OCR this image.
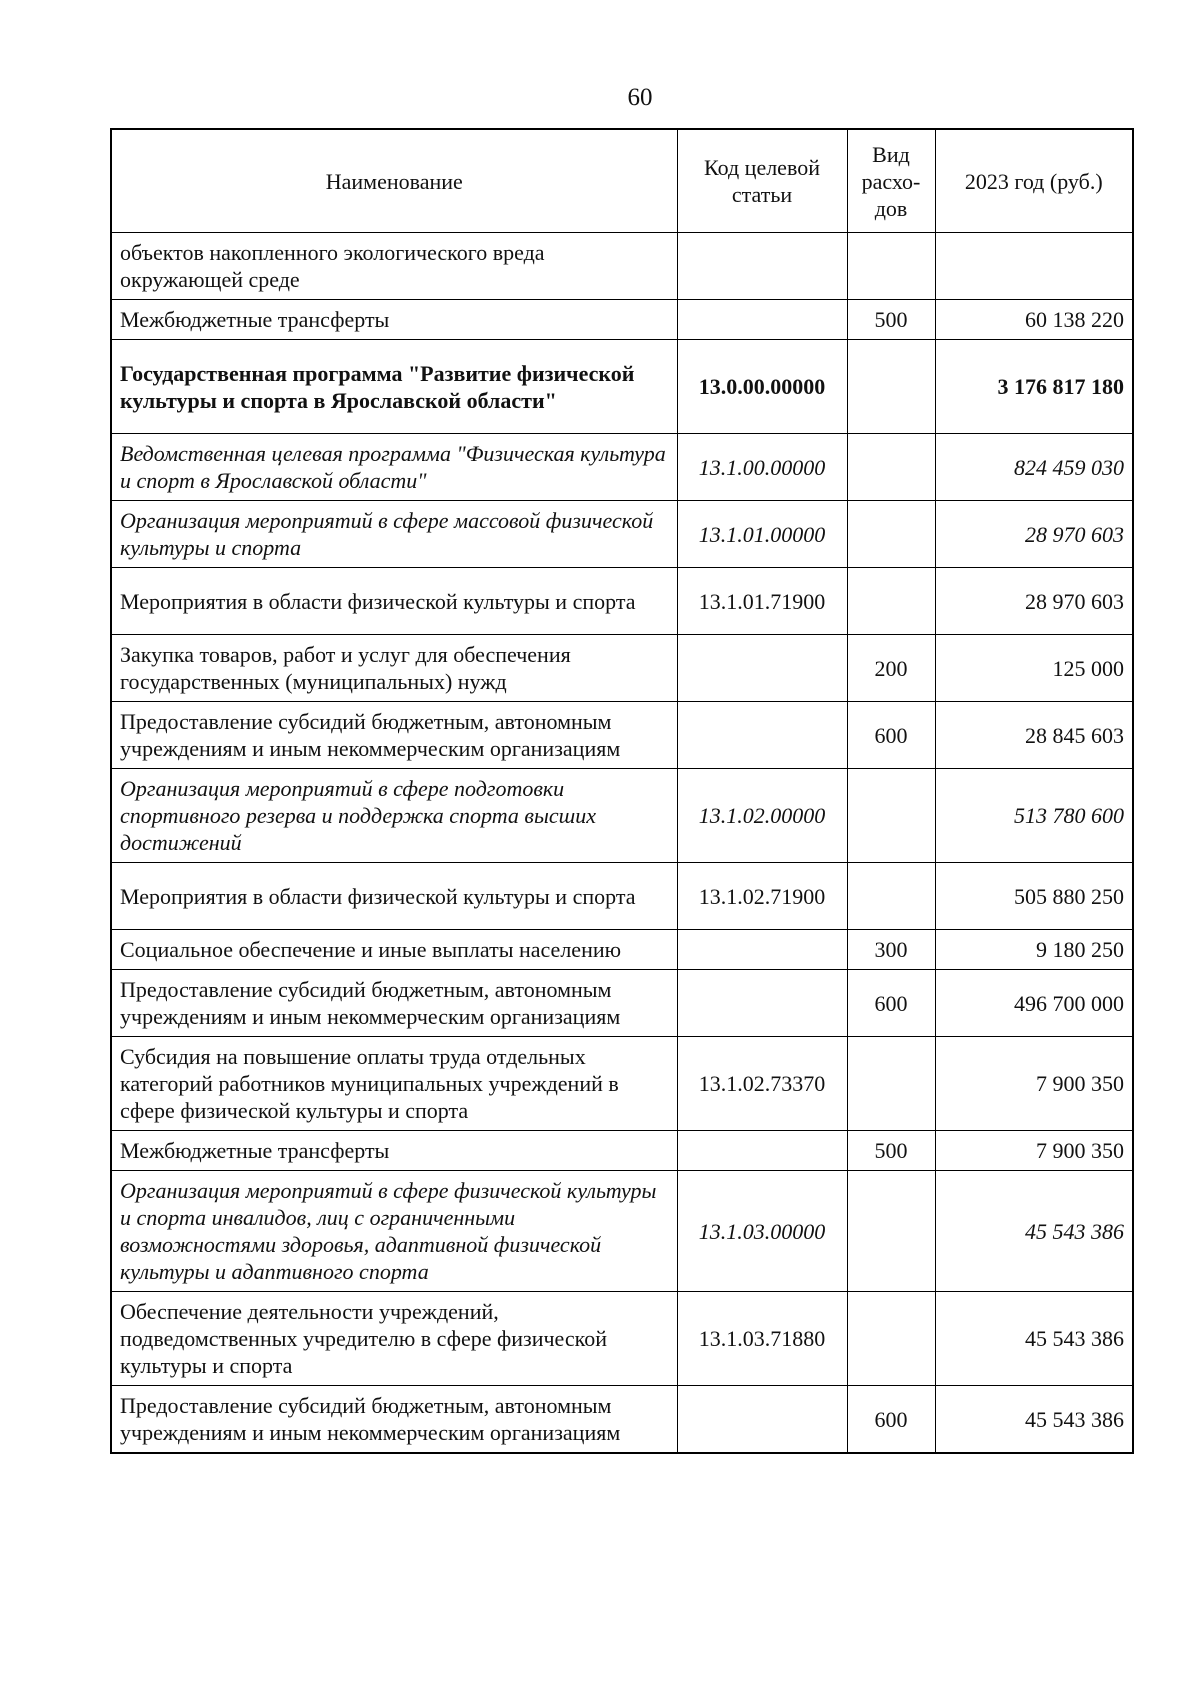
60
Наименование	Код целевой статьи	Вид расхо-дов	2023 год (руб.)
объектов накопленного экологического вреда окружающей среде			
Межбюджетные трансферты		500	60 138 220
Государственная программа "Развитие физической культуры и спорта в Ярославской области"	13.0.00.00000		3 176 817 180
Ведомственная целевая программа "Физическая культура и спорт в Ярославской области"	13.1.00.00000		824 459 030
Организация мероприятий в сфере массовой физической культуры и спорта	13.1.01.00000		28 970 603
Мероприятия в области физической культуры и спорта	13.1.01.71900		28 970 603
Закупка товаров, работ и услуг для обеспечения государственных (муниципальных) нужд		200	125 000
Предоставление субсидий бюджетным, автономным учреждениям и иным некоммерческим организациям		600	28 845 603
Организация мероприятий в сфере подготовки спортивного резерва и поддержка спорта высших достижений	13.1.02.00000		513 780 600
Мероприятия в области физической культуры и спорта	13.1.02.71900		505 880 250
Социальное обеспечение и иные выплаты населению		300	9 180 250
Предоставление субсидий бюджетным, автономным учреждениям и иным некоммерческим организациям		600	496 700 000
Субсидия на повышение оплаты труда отдельных категорий работников муниципальных учреждений в сфере физической культуры и спорта	13.1.02.73370		7 900 350
Межбюджетные трансферты		500	7 900 350
Организация мероприятий в сфере физической культуры и спорта инвалидов, лиц с ограниченными возможностями здоровья, адаптивной физической культуры и адаптивного спорта	13.1.03.00000		45 543 386
Обеспечение деятельности учреждений, подведомственных учредителю в сфере физической культуры и спорта	13.1.03.71880		45 543 386
Предоставление субсидий бюджетным, автономным учреждениям и иным некоммерческим организациям		600	45 543 386
